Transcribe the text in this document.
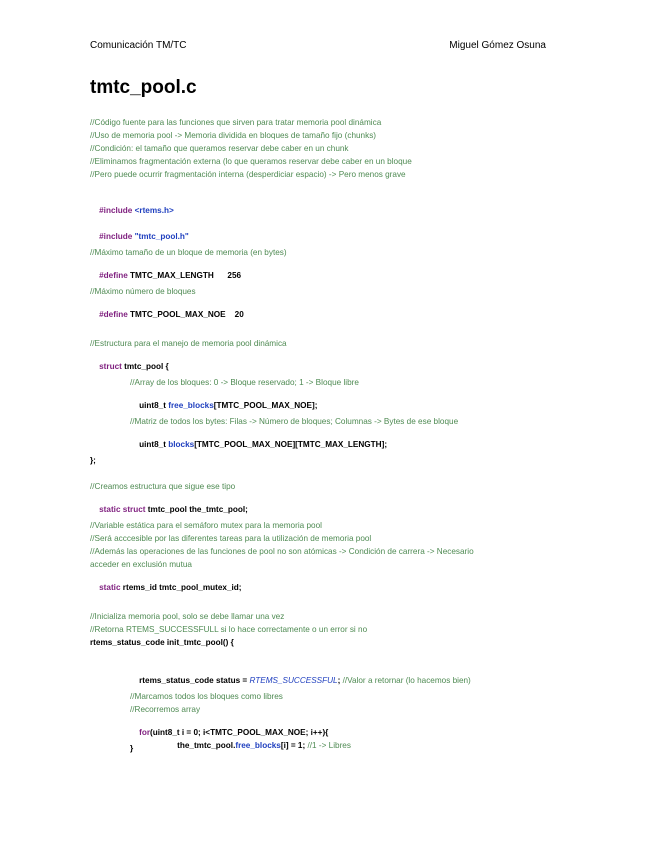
Comunicación TM/TC	Miguel Gómez Osuna
tmtc_pool.c
//Código fuente para las funciones que sirven para tratar memoria pool dinámica
//Uso de memoria pool -> Memoria dividida en bloques de tamaño fijo (chunks)
//Condición: el tamaño que queramos reservar debe caber en un chunk
//Eliminamos fragmentación externa (lo que queramos reservar debe caber en un bloque
//Pero puede ocurrir fragmentación interna (desperdiciar espacio) -> Pero menos grave

#include <rtems.h>

#include "tmtc_pool.h"

//Máximo tamaño de un bloque de memoria (en bytes)

#define TMTC_MAX_LENGTH      256

//Máximo número de bloques

#define TMTC_POOL_MAX_NOE    20

//Estructura para el manejo de memoria pool dinámica

struct tmtc_pool {

//Array de los bloques: 0 -> Bloque reservado; 1 -> Bloque libre

uint8_t free_blocks[TMTC_POOL_MAX_NOE];

//Matriz de todos los bytes: Filas -> Número de bloques; Columnas -> Bytes de ese bloque

uint8_t blocks[TMTC_POOL_MAX_NOE][TMTC_MAX_LENGTH];

};
//Creamos estructura que sigue ese tipo

static struct tmtc_pool the_tmtc_pool;

//Variable estática para el semáforo mutex para la memoria pool
//Será acccesible por las diferentes tareas para la utilización de memoria pool
//Además las operaciones de las funciones de pool no son atómicas -> Condición de carrera -> Necesario
acceder en exclusión mutua

static rtems_id tmtc_pool_mutex_id;

//Inicializa memoria pool, solo se debe llamar una vez
//Retorna RTEMS_SUCCESSFULL si lo hace correctamente o un error si no
rtems_status_code init_tmtc_pool() {

rtems_status_code status = RTEMS_SUCCESSFUL; //Valor a retornar (lo hacemos bien)

//Marcamos todos los bloques como libres
//Recorremos array

for(uint8_t i = 0; i<TMTC_POOL_MAX_NOE; i++){

the_tmtc_pool.free_blocks[i] = 1; //1 -> Libres

}
